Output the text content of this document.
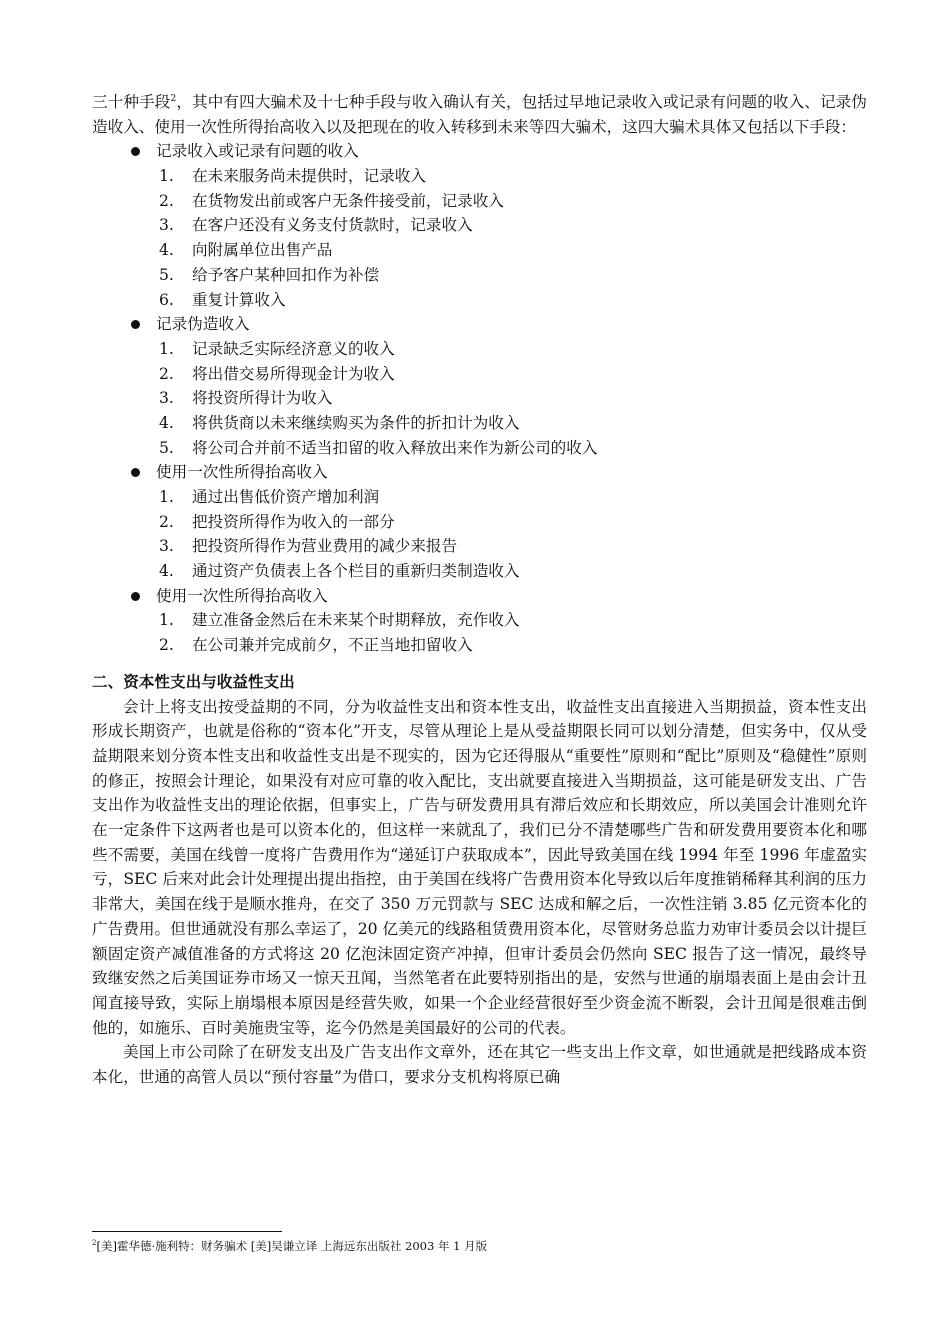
三十种手段$^2$，其中有四大骗术及十七种手段与收入确认有关，包括过早地记录收入或记录有问题的收入、记录伪造收入、使用一次性所得抬高收入以及把现在的收入转移到未来等四大骗术，这四大骗术具体又包括以下手段：

记录收入或记录有问题的收入
1. 在未来服务尚未提供时，记录收入
2. 在货物发出前或客户无条件接受前，记录收入
3. 在客户还没有义务支付货款时，记录收入
4. 向附属单位出售产品
5. 给予客户某种回扣作为补偿
6. 重复计算收入
记录伪造收入
1. 记录缺乏实际经济意义的收入
2. 将出借交易所得现金计为收入
3. 将投资所得计为收入
4. 将供货商以未来继续购买为条件的折扣计为收入
5. 将公司合并前不适当扣留的收入释放出来作为新公司的收入
使用一次性所得抬高收入
1. 通过出售低价资产增加利润
2. 把投资所得作为收入的一部分
3. 把投资所得作为营业费用的减少来报告
4. 通过资产负债表上各个栏目的重新归类制造收入
使用一次性所得抬高收入
1. 建立准备金然后在未来某个时期释放，充作收入
2. 在公司兼并完成前夕，不正当地扣留收入
二、资本性支出与收益性支出

会计上将支出按受益期的不同，分为收益性支出和资本性支出，收益性支出直接进入当期损益，资本性支出形成长期资产，也就是俗称的“资本化”开支，尽管从理论上是从受益期限长同可以划分清楚，但实务中，仅从受益期限来划分资本性支出和收益性支出是不现实的，因为它还得服从“重要性”原则和“配比”原则及“稳健性”原则的修正，按照会计理论，如果没有对应可靠的收入配比，支出就要直接进入当期损益，这可能是研发支出、广告支出作为收益性支出的理论依据，但事实上，广告与研发费用具有滞后效应和长期效应，所以美国会计准则允许在一定条件下这两者也是可以资本化的，但这样一来就乱了，我们已分不清楚哪些广告和研发费用要资本化和哪些不需要，美国在线曾一度将广告费用作为“递延订户获取成本”，因此导致美国在线 1994 年至 1996 年虚盈实亏，SEC 后来对此会计处理提出提出指控，由于美国在线将广告费用资本化导致以后年度推销稀释其利润的压力非常大，美国在线于是顺水推舟，在交了 350 万元罚款与 SEC 达成和解之后，一次性注销 3.85 亿元资本化的广告费用。但世通就没有那么幸运了，20 亿美元的线路租赁费用资本化，尽管财务总监力劝审计委员会以计提巨额固定资产减值准备的方式将这 20 亿泡沫固定资产冲掉，但审计委员会仍然向 SEC 报告了这一情况，最终导致继安然之后美国证券市场又一惊天丑闻，当然笔者在此要特别指出的是，安然与世通的崩塌表面上是由会计丑闻直接导致，实际上崩塌根本原因是经营失败，如果一个企业经营很好至少资金流不断裂，会计丑闻是很难击倒他的，如施乐、百时美施贵宝等，迄今仍然是美国最好的公司的代表。

美国上市公司除了在研发支出及广告支出作文章外，还在其它一些支出上作文章，如世通就是把线路成本资本化，世通的高管人员以“预付容量”为借口，要求分支机构将原已确

$^2$[美]霍华德·施利特：财务骗术 [美]吴谦立译 上海远东出版社 2003 年 1 月版
